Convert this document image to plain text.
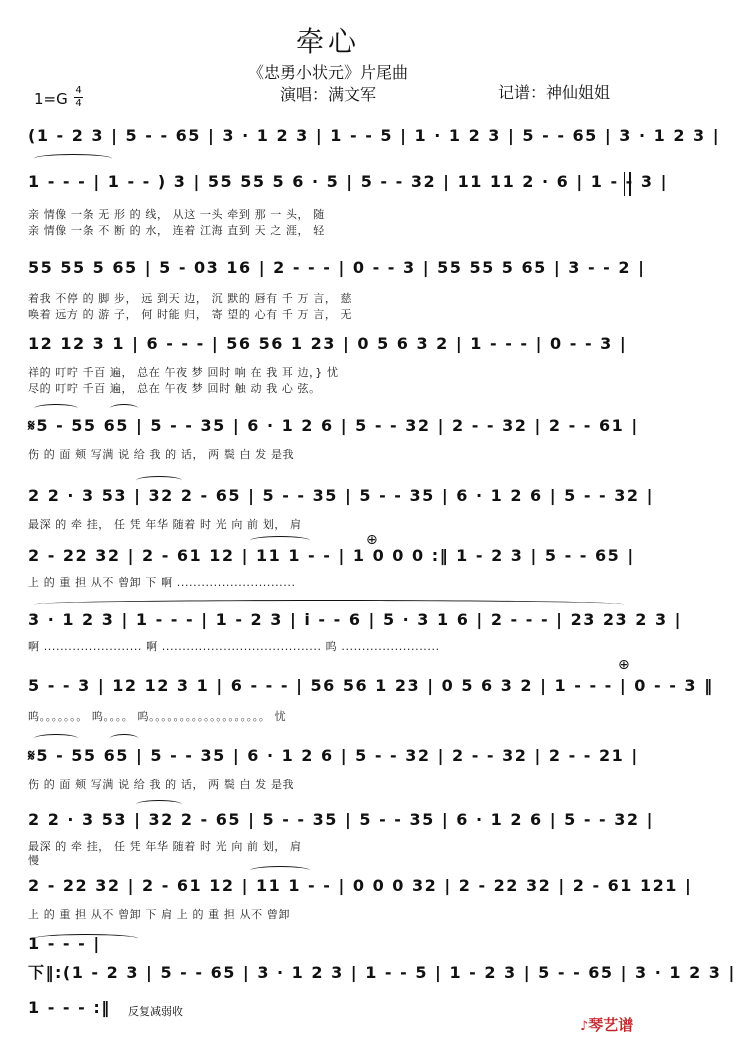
牵心
《忠勇小状元》片尾曲
演唱：满文军
1=G 4
4
记谱：神仙姐姐
(1 - 2 3 | 5 - - 65 | 3 · 1 2 3 | 1 - - 5 | 1 · 1 2 3 | 5 - - 65 | 3 · 1 2 3 |
1 - - - | 1 - - ) 3 | 55 55 5 6 · 5 | 5 - - 32 | 11 11 2 · 6 | 1 - - 3 |
亲 情像 一条 无 形 的 线， 从这 一头 牵到 那 一 头， 随
亲 情像 一条 不 断 的 水， 连着 江海 直到 天 之 涯， 轻
55 55 5 65 | 5 - 03 16 | 2 - - - | 0 - - 3 | 55 55 5 65 | 3 - - 2 |
着我 不停 的 脚 步， 远 到天 边， 沉 默的 唇有 千 万 言， 慈
唤着 远方 的 游 子， 何 时能 归， 寄 望的 心有 千 万 言， 无
12 12 3 1 | 6 - - - | 56 56 1 23 | 0 5 6 3 2 | 1 - - - | 0 - - 3 |
祥的 叮咛 千百 遍， 总在 午夜 梦 回时 响 在 我 耳 边，} 忧
尽的 叮咛 千百 遍， 总在 午夜 梦 回时 触 动 我 心 弦。
𝄋5 - 55 65 | 5 - - 35 | 6 · 1 2 6 | 5 - - 32 | 2 - - 32 | 2 - - 61 |
伤 的 面 颊 写满 说 给 我 的 话， 两 鬓 白 发 是我
2 2 · 3 53 | 32 2 - 65 | 5 - - 35 | 5 - - 35 | 6 · 1 2 6 | 5 - - 32 |
最深 的 牵 挂， 任 凭 年华 随着 时 光 向 前 划， 肩
2 - 22 32 | 2 - 61 12 | 11 1 - - | 1 0 0 0 :‖ 1 - 2 3 | 5 - - 65 |
⊕
上 的 重 担 从不 曾卸 下 啊 .............................
3 · 1 2 3 | 1 - - - | 1 - 2 3 | i - - 6 | 5 · 3 1 6 | 2 - - - | 23 23 2 3 |
啊 ........................ 啊 ....................................... 呜 ........................
5 - - 3 | 12 12 3 1 | 6 - - - | 56 56 1 23 | 0 5 6 3 2 | 1 - - - | 0 - - 3 ‖
⊕
呜。。。。。。。 呜。。。。 呜。。。。。。。。。。。。。。。。。。。 忧
𝄋5 - 55 65 | 5 - - 35 | 6 · 1 2 6 | 5 - - 32 | 2 - - 32 | 2 - - 21 |
伤 的 面 颊 写满 说 给 我 的 话， 两 鬓 白 发 是我
2 2 · 3 53 | 32 2 - 65 | 5 - - 35 | 5 - - 35 | 6 · 1 2 6 | 5 - - 32 |
最深 的 牵 挂， 任 凭 年华 随着 时 光 向 前 划， 肩
慢
2 - 22 32 | 2 - 61 12 | 11 1 - - | 0 0 0 32 | 2 - 22 32 | 2 - 61 121 |
上 的 重 担 从不 曾卸 下 肩 上 的 重 担 从不 曾卸
1 - - - |
下‖:(1 - 2 3 | 5 - - 65 | 3 · 1 2 3 | 1 - - 5 | 1 - 2 3 | 5 - - 65 | 3 · 1 2 3 |
1 - - - :‖	反复减弱收
♪琴艺谱
